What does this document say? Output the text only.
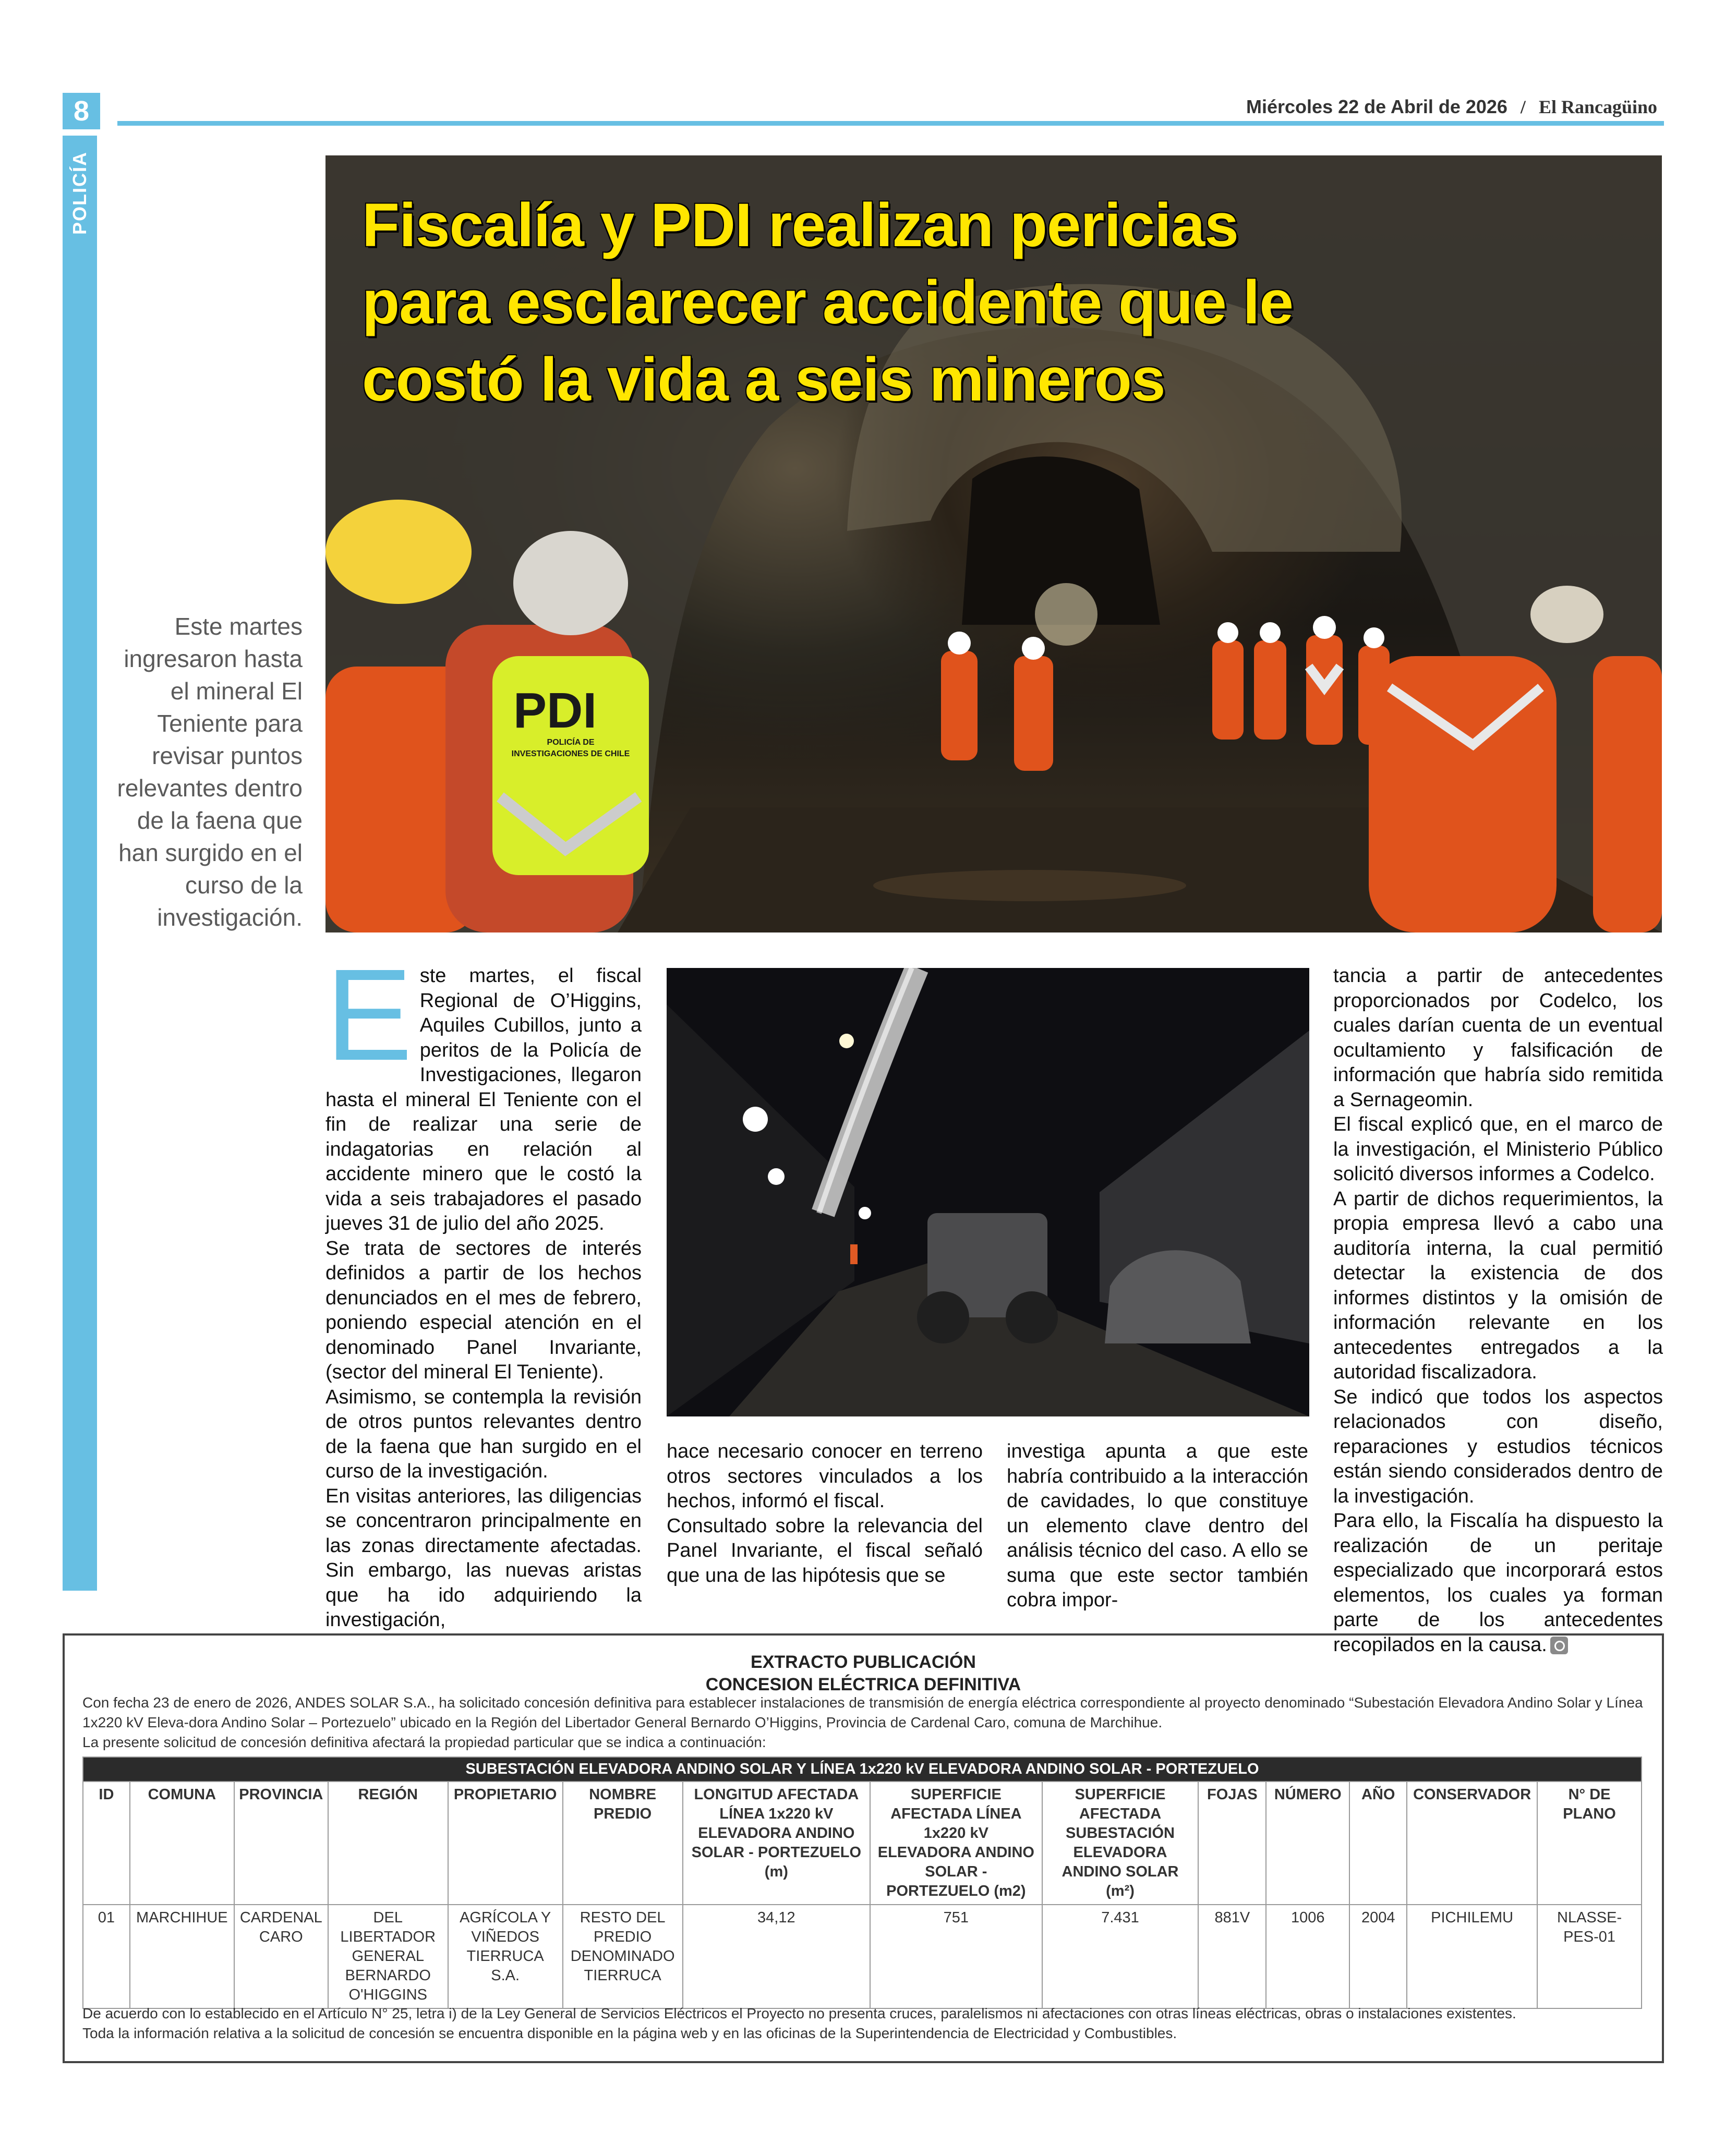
8
POLICÍA
Miércoles 22 de Abril de 2026 / El Rancagüino
PDI
POLICÍA DE INVESTIGACIONES DE CHILE
Fiscalía y PDI realizan pericias para esclarecer accidente que le costó la vida a seis mineros
Este martes ingresaron hasta el mineral El Teniente para revisar puntos relevantes dentro de la faena que han surgido en el curso de la investigación.
E ste martes, el fiscal Regional de O’Higgins, Aquiles Cubillos, junto a peritos de la Policía de Investigaciones, llegaron hasta el mineral El Teniente con el fin de realizar una serie de indagatorias en relación al accidente minero que le costó la vida a seis trabajadores el pasado jueves 31 de julio del año 2025.

Se trata de sectores de interés definidos a partir de los hechos denunciados en el mes de febrero, poniendo especial atención en el denominado Panel Invariante, (sector del mineral El Teniente).

Asimismo, se contempla la revisión de otros puntos relevantes dentro de la faena que han surgido en el curso de la investigación.

En visitas anteriores, las diligencias se concentraron principalmente en las zonas directamente afectadas. Sin embargo, las nuevas aristas que ha ido adquiriendo la investigación,

hace necesario conocer en terreno otros sectores vinculados a los hechos, informó el fiscal.

Consultado sobre la relevancia del Panel Invariante, el fiscal señaló que una de las hipótesis que se

investiga apunta a que este habría contribuido a la interacción de cavidades, lo que constituye un elemento clave dentro del análisis técnico del caso. A ello se suma que este sector también cobra impor-

tancia a partir de antecedentes proporcionados por Codelco, los cuales darían cuenta de un eventual ocultamiento y falsificación de información que habría sido remitida a Sernageomin.

El fiscal explicó que, en el marco de la investigación, el Ministerio Público solicitó diversos informes a Codelco.

A partir de dichos requerimientos, la propia empresa llevó a cabo una auditoría interna, la cual permitió detectar la existencia de dos informes distintos y la omisión de información relevante en los antecedentes entregados a la autoridad fiscalizadora.

Se indicó que todos los aspectos relacionados con diseño, reparaciones y estudios técnicos están siendo considerados dentro de la investigación.

Para ello, la Fiscalía ha dispuesto la realización de un peritaje especializado que incorporará estos elementos, los cuales ya forman parte de los antecedentes recopilados en la causa.

EXTRACTO PUBLICACIÓN
CONCESION ELÉCTRICA DEFINITIVA
Con fecha 23 de enero de 2026, ANDES SOLAR S.A., ha solicitado concesión definitiva para establecer instalaciones de transmisión de energía eléctrica correspondiente al proyecto denominado “Subestación Elevadora Andino Solar y Línea 1x220 kV Eleva-dora Andino Solar – Portezuelo” ubicado en la Región del Libertador General Bernardo O’Higgins, Provincia de Cardenal Caro, comuna de Marchihue.
La presente solicitud de concesión definitiva afectará la propiedad particular que se indica a continuación:
SUBESTACIÓN ELEVADORA ANDINO SOLAR Y LÍNEA 1x220 kV ELEVADORA ANDINO SOLAR - PORTEZUELO													
ID	COMUNA	PROVINCIA	REGIÓN	PROPIETARIO	NOMBRE PREDIO	LONGITUD AFECTADA LÍNEA 1x220 kV ELEVADORA ANDINO SOLAR - PORTEZUELO (m)	SUPERFICIE AFECTADA LÍNEA 1x220 kV ELEVADORA ANDINO SOLAR - PORTEZUELO (m2)	SUPERFICIE AFECTADA SUBESTACIÓN ELEVADORA ANDINO SOLAR (m²)	FOJAS	NÚMERO	AÑO	CONSERVADOR	N° DE PLANO
01	MARCHIHUE	CARDENAL CARO	DEL LIBERTADOR GENERAL BERNARDO O'HIGGINS	AGRÍCOLA Y VIÑEDOS TIERRUCA S.A.	RESTO DEL PREDIO DENOMINADO TIERRUCA	34,12	751	7.431	881V	1006	2004	PICHILEMU	NLASSE-PES-01
De acuerdo con lo establecido en el Artículo N° 25, letra i) de la Ley General de Servicios Eléctricos el Proyecto no presenta cruces, paralelismos ni afectaciones con otras líneas eléctricas, obras o instalaciones existentes.
Toda la información relativa a la solicitud de concesión se encuentra disponible en la página web y en las oficinas de la Superintendencia de Electricidad y Combustibles.
